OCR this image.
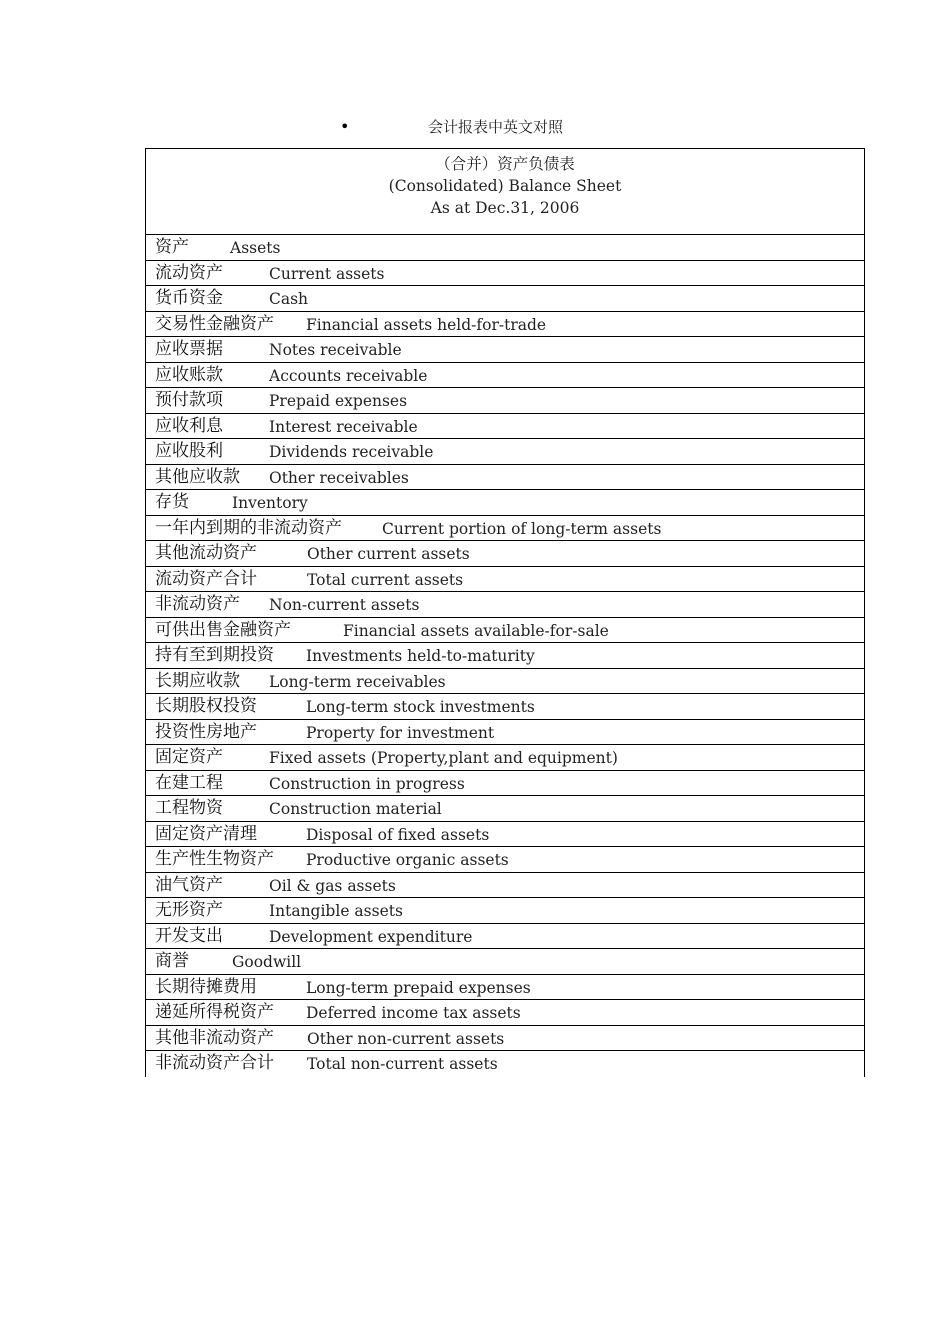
•	会计报表中英文对照
（合并）资产负债表
(Consolidated) Balance Sheet
As at Dec.31, 2006
资产	Assets
流动资产	Current assets
货币资金	Cash
交易性金融资产 Financial assets held-for-trade
应收票据	Notes receivable
应收账款	Accounts receivable
预付款项	Prepaid expenses
应收利息	Interest receivable
应收股利	Dividends receivable
其他应收款 Other receivables
存货	Inventory
一年内到期的非流动资产	Current portion of long-term assets
其他流动资产	Other current assets
流动资产合计	Total current assets
非流动资产 Non-current assets
可供出售金融资产	Financial assets available-for-sale
持有至到期投资 Investments held-to-maturity
长期应收款 Long-term receivables
长期股权投资	Long-term stock investments
投资性房地产	Property for investment
固定资产	Fixed assets (Property,plant and equipment)
在建工程	Construction in progress
工程物资	Construction material
固定资产清理	Disposal of fixed assets
生产性生物资产 Productive organic assets
油气资产	Oil & gas assets
无形资产	Intangible assets
开发支出	Development expenditure
商誉	Goodwill
长期待摊费用	Long-term prepaid expenses
递延所得税资产 Deferred income tax assets
其他非流动资产 Other non-current assets
非流动资产合计 Total non-current assets
